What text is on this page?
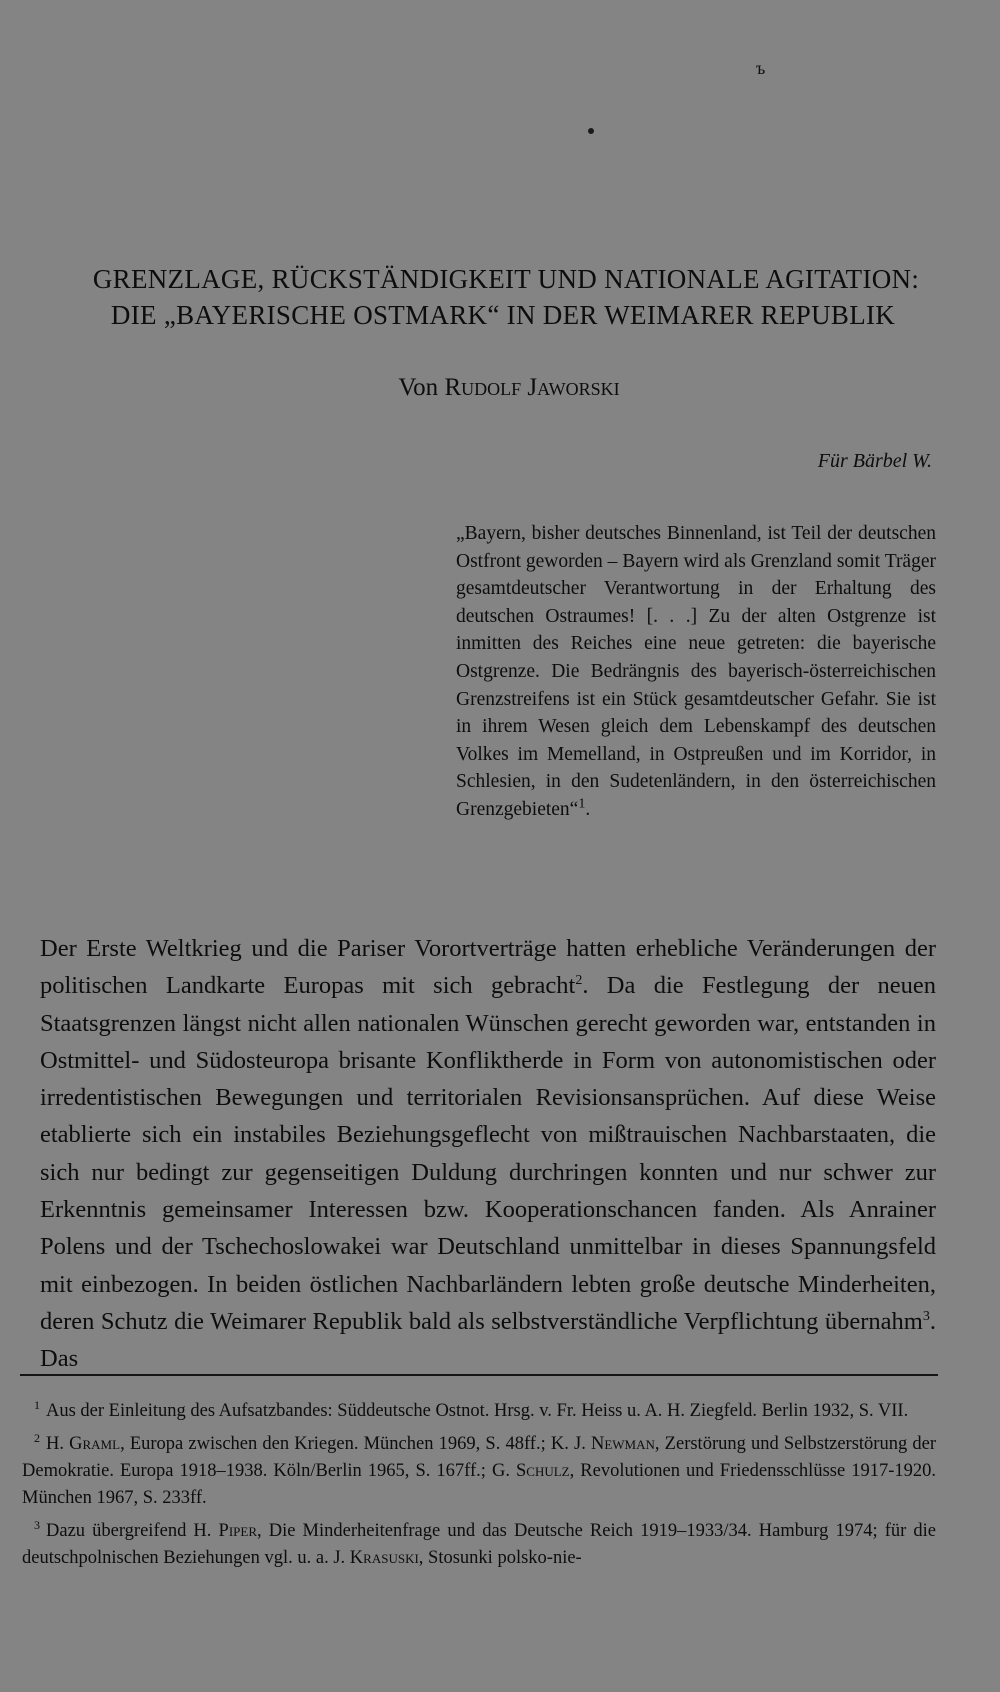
ъ
GRENZLAGE, RÜCKSTÄNDIGKEIT UND NATIONALE AGITATION:
DIE „BAYERISCHE OSTMARK“ IN DER WEIMARER REPUBLIK
Von Rudolf Jaworski
Für Bärbel W.
„Bayern, bisher deutsches Binnenland, ist Teil der deutschen Ostfront geworden – Bayern wird als Grenzland somit Träger gesamtdeutscher Verantwortung in der Erhaltung des deutschen Ostraumes! [. . .] Zu der alten Ostgrenze ist inmitten des Reiches eine neue getreten: die bayerische Ostgrenze. Die Bedrängnis des bayerisch-österreichischen Grenzstreifens ist ein Stück gesamtdeutscher Gefahr. Sie ist in ihrem Wesen gleich dem Lebenskampf des deutschen Volkes im Memelland, in Ostpreußen und im Korridor, in Schlesien, in den Sudetenländern, in den österreichischen Grenzgebieten“$^1$.
Der Erste Weltkrieg und die Pariser Vorortverträge hatten erhebliche Veränderungen der politischen Landkarte Europas mit sich gebracht$^2$. Da die Festlegung der neuen Staatsgrenzen längst nicht allen nationalen Wünschen gerecht geworden war, entstanden in Ostmittel- und Südosteuropa brisante Konfliktherde in Form von autonomistischen oder irredentistischen Bewegungen und territorialen Revisionsansprüchen. Auf diese Weise etablierte sich ein instabiles Beziehungsgeflecht von mißtrauischen Nachbarstaaten, die sich nur bedingt zur gegenseitigen Duldung durchringen konnten und nur schwer zur Erkenntnis gemeinsamer Interessen bzw. Kooperationschancen fanden. Als Anrainer Polens und der Tschechoslowakei war Deutschland unmittelbar in dieses Spannungsfeld mit einbezogen. In beiden östlichen Nachbarländern lebten große deutsche Minderheiten, deren Schutz die Weimarer Republik bald als selbstverständliche Verpflichtung übernahm$^3$. Das

$^1$ Aus der Einleitung des Aufsatzbandes: Süddeutsche Ostnot. Hrsg. v. Fr. Heiss u. A. H. Ziegfeld. Berlin 1932, S. VII.

$^2$ H. Graml, Europa zwischen den Kriegen. München 1969, S. 48ff.; K. J. Newman, Zerstörung und Selbstzerstörung der Demokratie. Europa 1918–1938. Köln/Berlin 1965, S. 167ff.; G. Schulz, Revolutionen und Friedensschlüsse 1917-1920. München 1967, S. 233ff.

$^3$ Dazu übergreifend H. Piper, Die Minderheitenfrage und das Deutsche Reich 1919–1933/34. Hamburg 1974; für die deutschpolnischen Beziehungen vgl. u. a. J. Krasuski, Stosunki polsko-nie-
